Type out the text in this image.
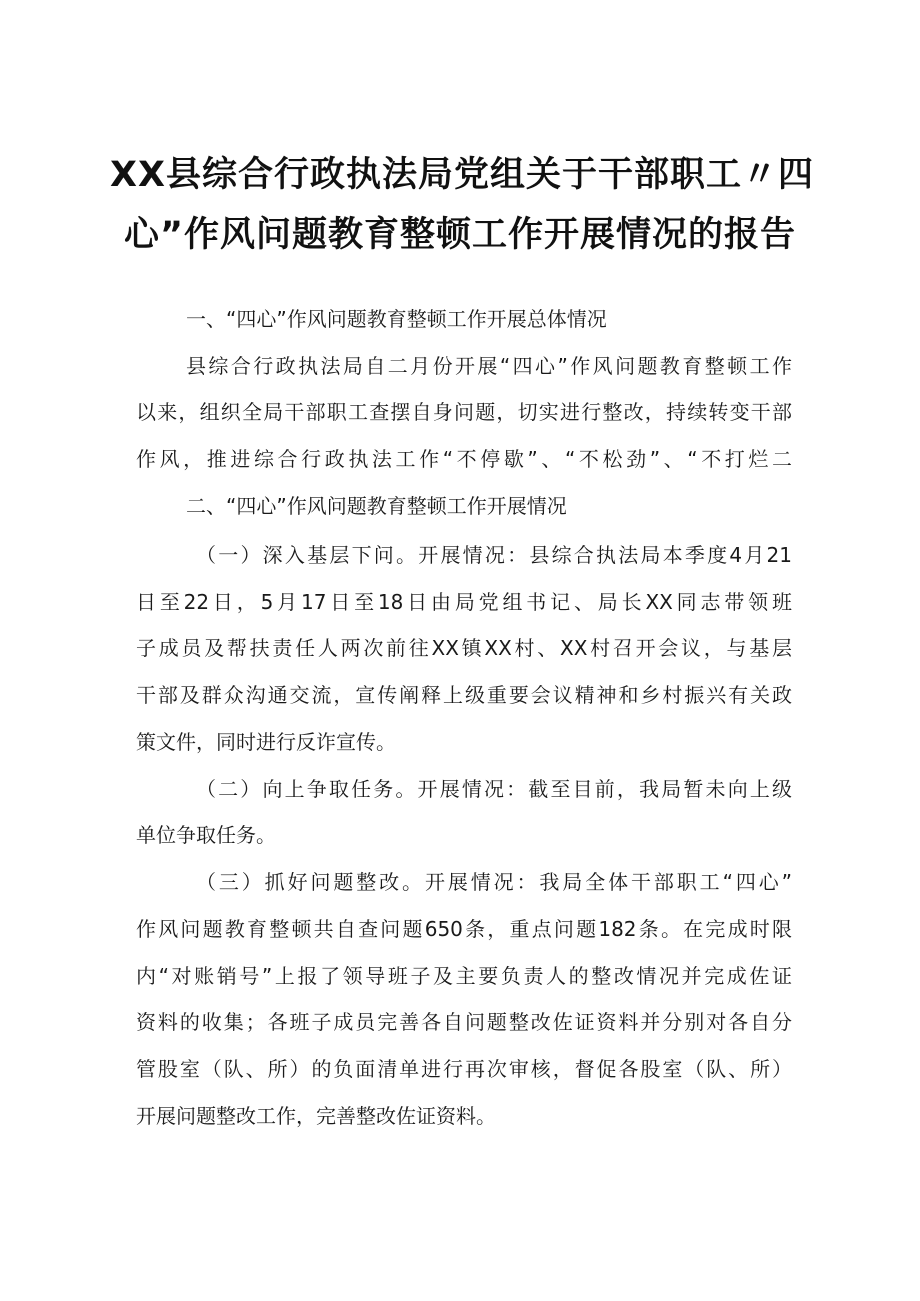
XX县综合行政执法局党组关于干部职工〃四
心”作风问题教育整顿工作开展情况的报告

一、“四心”作风问题教育整顿工作开展总体情况

县综合行政执法局自二月份开展“四心”作风问题教育整顿工作

以来，组织全局干部职工查摆自身问题，切实进行整改，持续转变干部

作风，推进综合行政执法工作“不停歇”、“不松劲”、“不打烂二

二、“四心”作风问题教育整顿工作开展情况

（一）深入基层下问。开展情况：县综合执法局本季度4月21

日至22日，5月17日至18日由局党组书记、局长XX同志带领班

子成员及帮扶责任人两次前往XX镇XX村、XX村召开会议，与基层

干部及群众沟通交流，宣传阐释上级重要会议精神和乡村振兴有关政

策文件，同时进行反诈宣传。

（二）向上争取任务。开展情况：截至目前，我局暂未向上级

单位争取任务。

（三）抓好问题整改。开展情况：我局全体干部职工“四心”

作风问题教育整顿共自查问题650条，重点问题182条。在完成时限

内“对账销号”上报了领导班子及主要负责人的整改情况并完成佐证

资料的收集；各班子成员完善各自问题整改佐证资料并分别对各自分

管股室（队、所）的负面清单进行再次审核，督促各股室（队、所）

开展问题整改工作，完善整改佐证资料。
